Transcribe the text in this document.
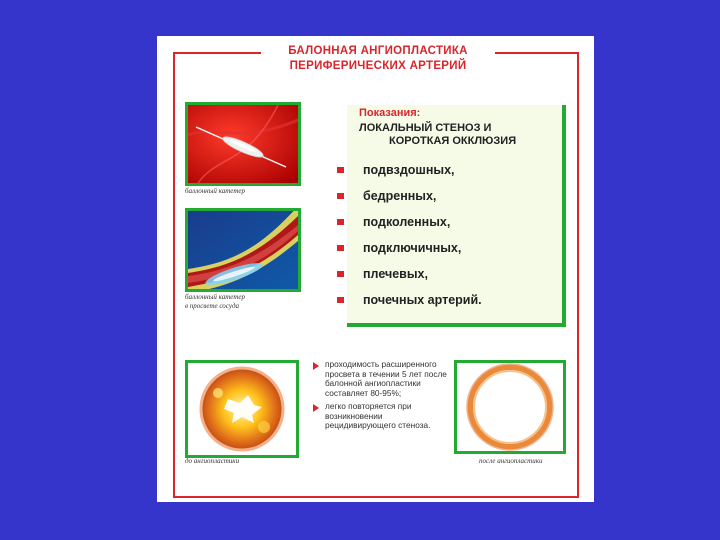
БАЛОННАЯ АНГИОПЛАСТИКА
ПЕРИФЕРИЧЕСКИХ АРТЕРИЙ
баллонный катетер
баллонный катетер
в просвете сосуда
Показания:
ЛОКАЛЬНЫЙ СТЕНОЗ И
КОРОТКАЯ ОККЛЮЗИЯ
подвздошных,
бедренных,
подколенных,
подключичных,
плечевых,
почечных артерий.
до ангиопластики
проходимость расширенного просвета в течении 5 лет после балонной ангиопластики составляет 80-95%;
легко повторяется при возникновении рецидивирующего стеноза.
после ангиопластики
